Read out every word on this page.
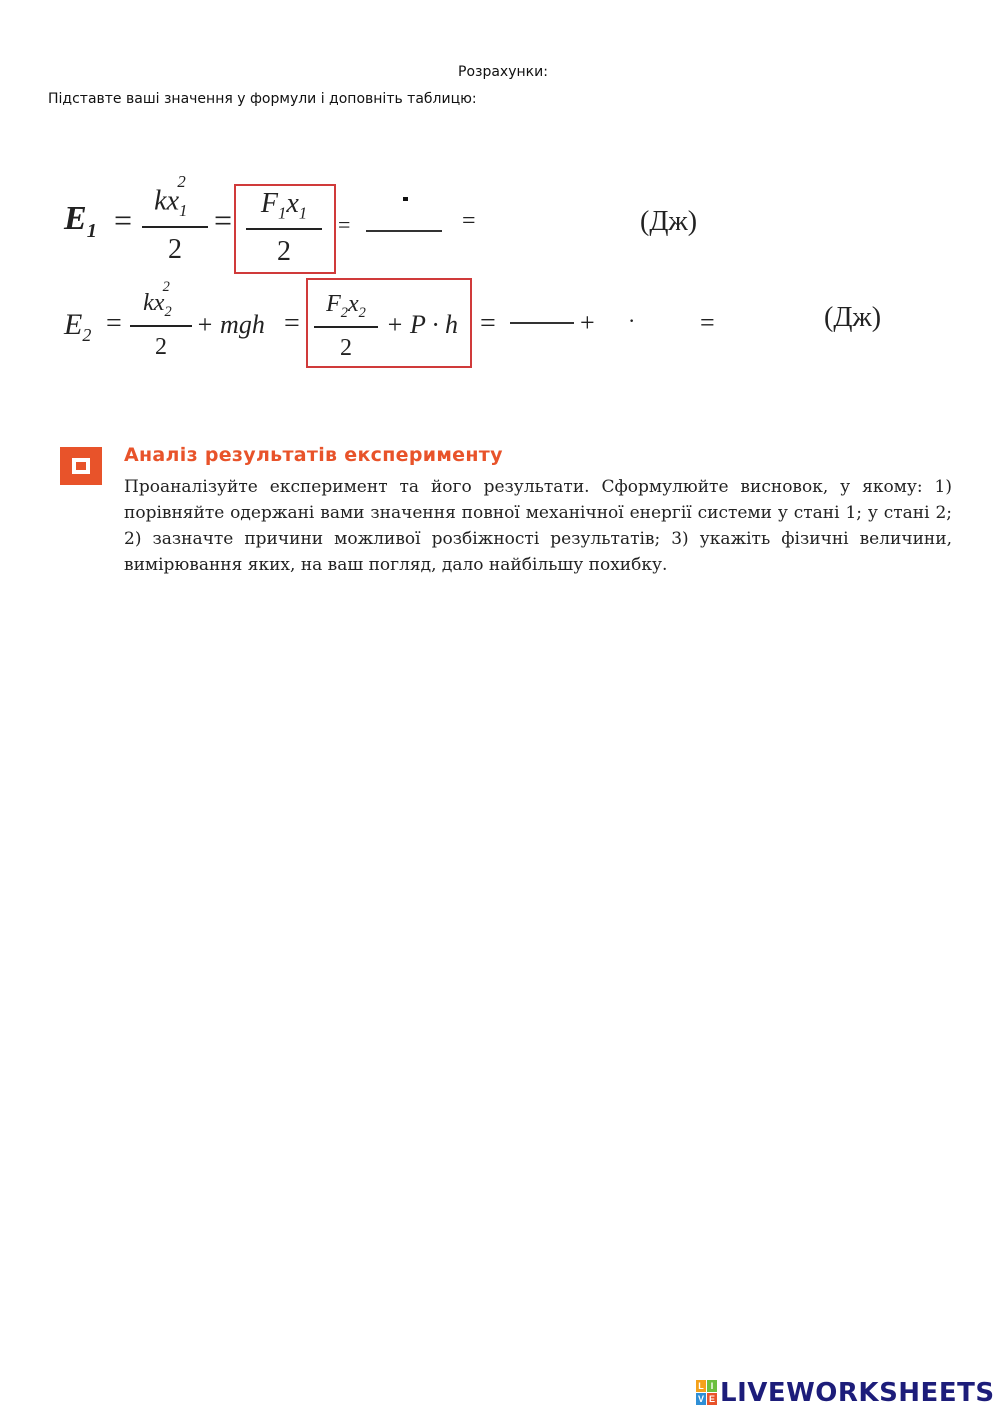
Розрахунки:
Підставте ваші значення у формули і доповніть таблицю:
$E_1$ =
$kx_1^2$
2
=	$F_1x_1$
2
=	=	(Дж)
$E_2$ =
$kx_2^2$
2
+ mgh =
$F_2x_2$
2
+ P · h =	+ · =	(Дж)
Аналіз результатів експерименту
Проаналізуйте експеримент та його результати. Сформулюйте висновок, у якому: 1) порівняйте одержані вами значення повної механічної енергії системи у стані 1; у стані 2; 2) зазначте причини можливої розбіжності результатів; 3) укажіть фізичні величини, вимірювання яких, на ваш погляд, дало найбільшу похибку.
L I
V E LIVEWORKSHEETS
